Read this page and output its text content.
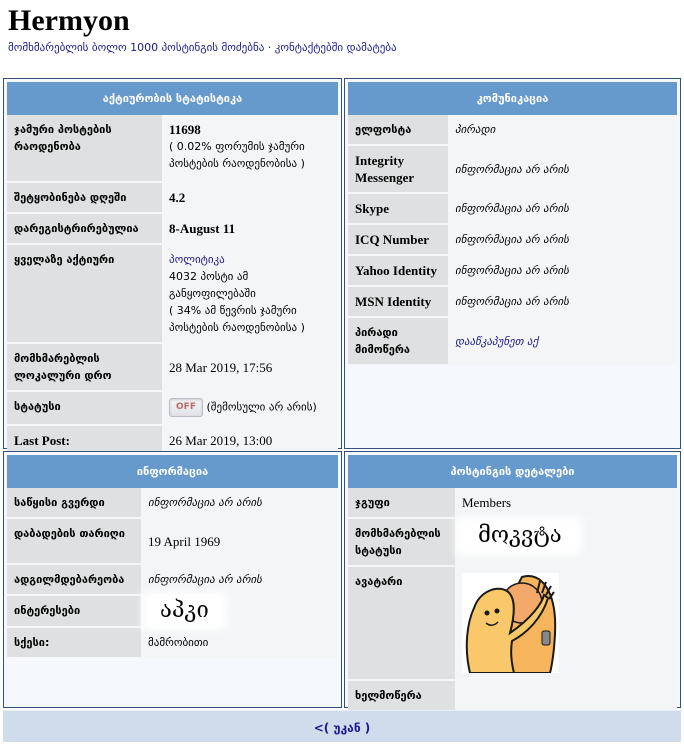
Hermyon
მომხმარებლის ბოლო 1000 პოსტინგის მოძებნა · კონტაქტებში დამატება
აქტიურობის სტატისტიკა
ჯამური პოსტების რაოდენობა	11698
( 0.02% ფორუმის ჯამური პოსტების რაოდენობისა )

შეტყობინება დღეში	4.2
დარეგისტრირებულია	8-August 11
ყველაზე აქტიური	პოლიტიკა
4032 პოსტი ამ განყოფილებაში
( 34% ამ წევრის ჯამური პოსტების რაოდენობისა )

მომხმარებლის ლოკალური დრო	28 Mar 2019, 17:56
სტატუსი	OFF (შემოსული არ არის)
Last Post:	26 Mar 2019, 13:00
კომუნიკაცია
ელფოსტა	პირადი
Integrity Messenger	ინფორმაცია არ არის
Skype	ინფორმაცია არ არის
ICQ Number	ინფორმაცია არ არის
Yahoo Identity	ინფორმაცია არ არის
MSN Identity	ინფორმაცია არ არის
პირადი მიმოწერა	დააწკაპუნეთ აქ
ინფორმაცია
საწყისი გვერდი	ინფორმაცია არ არის
დაბადების თარიღი	19 April 1969
ადგილმდებარეობა	ინფორმაცია არ არის
ინტერესები	აპკი
სქესი:	მამრობითი
პოსტინგის დეტალები
ჯგუფი	Members
მომხმარებლის სტატუსი	მოკვტა
ავატარი	

ხელმოწერა	
<( უკან )
